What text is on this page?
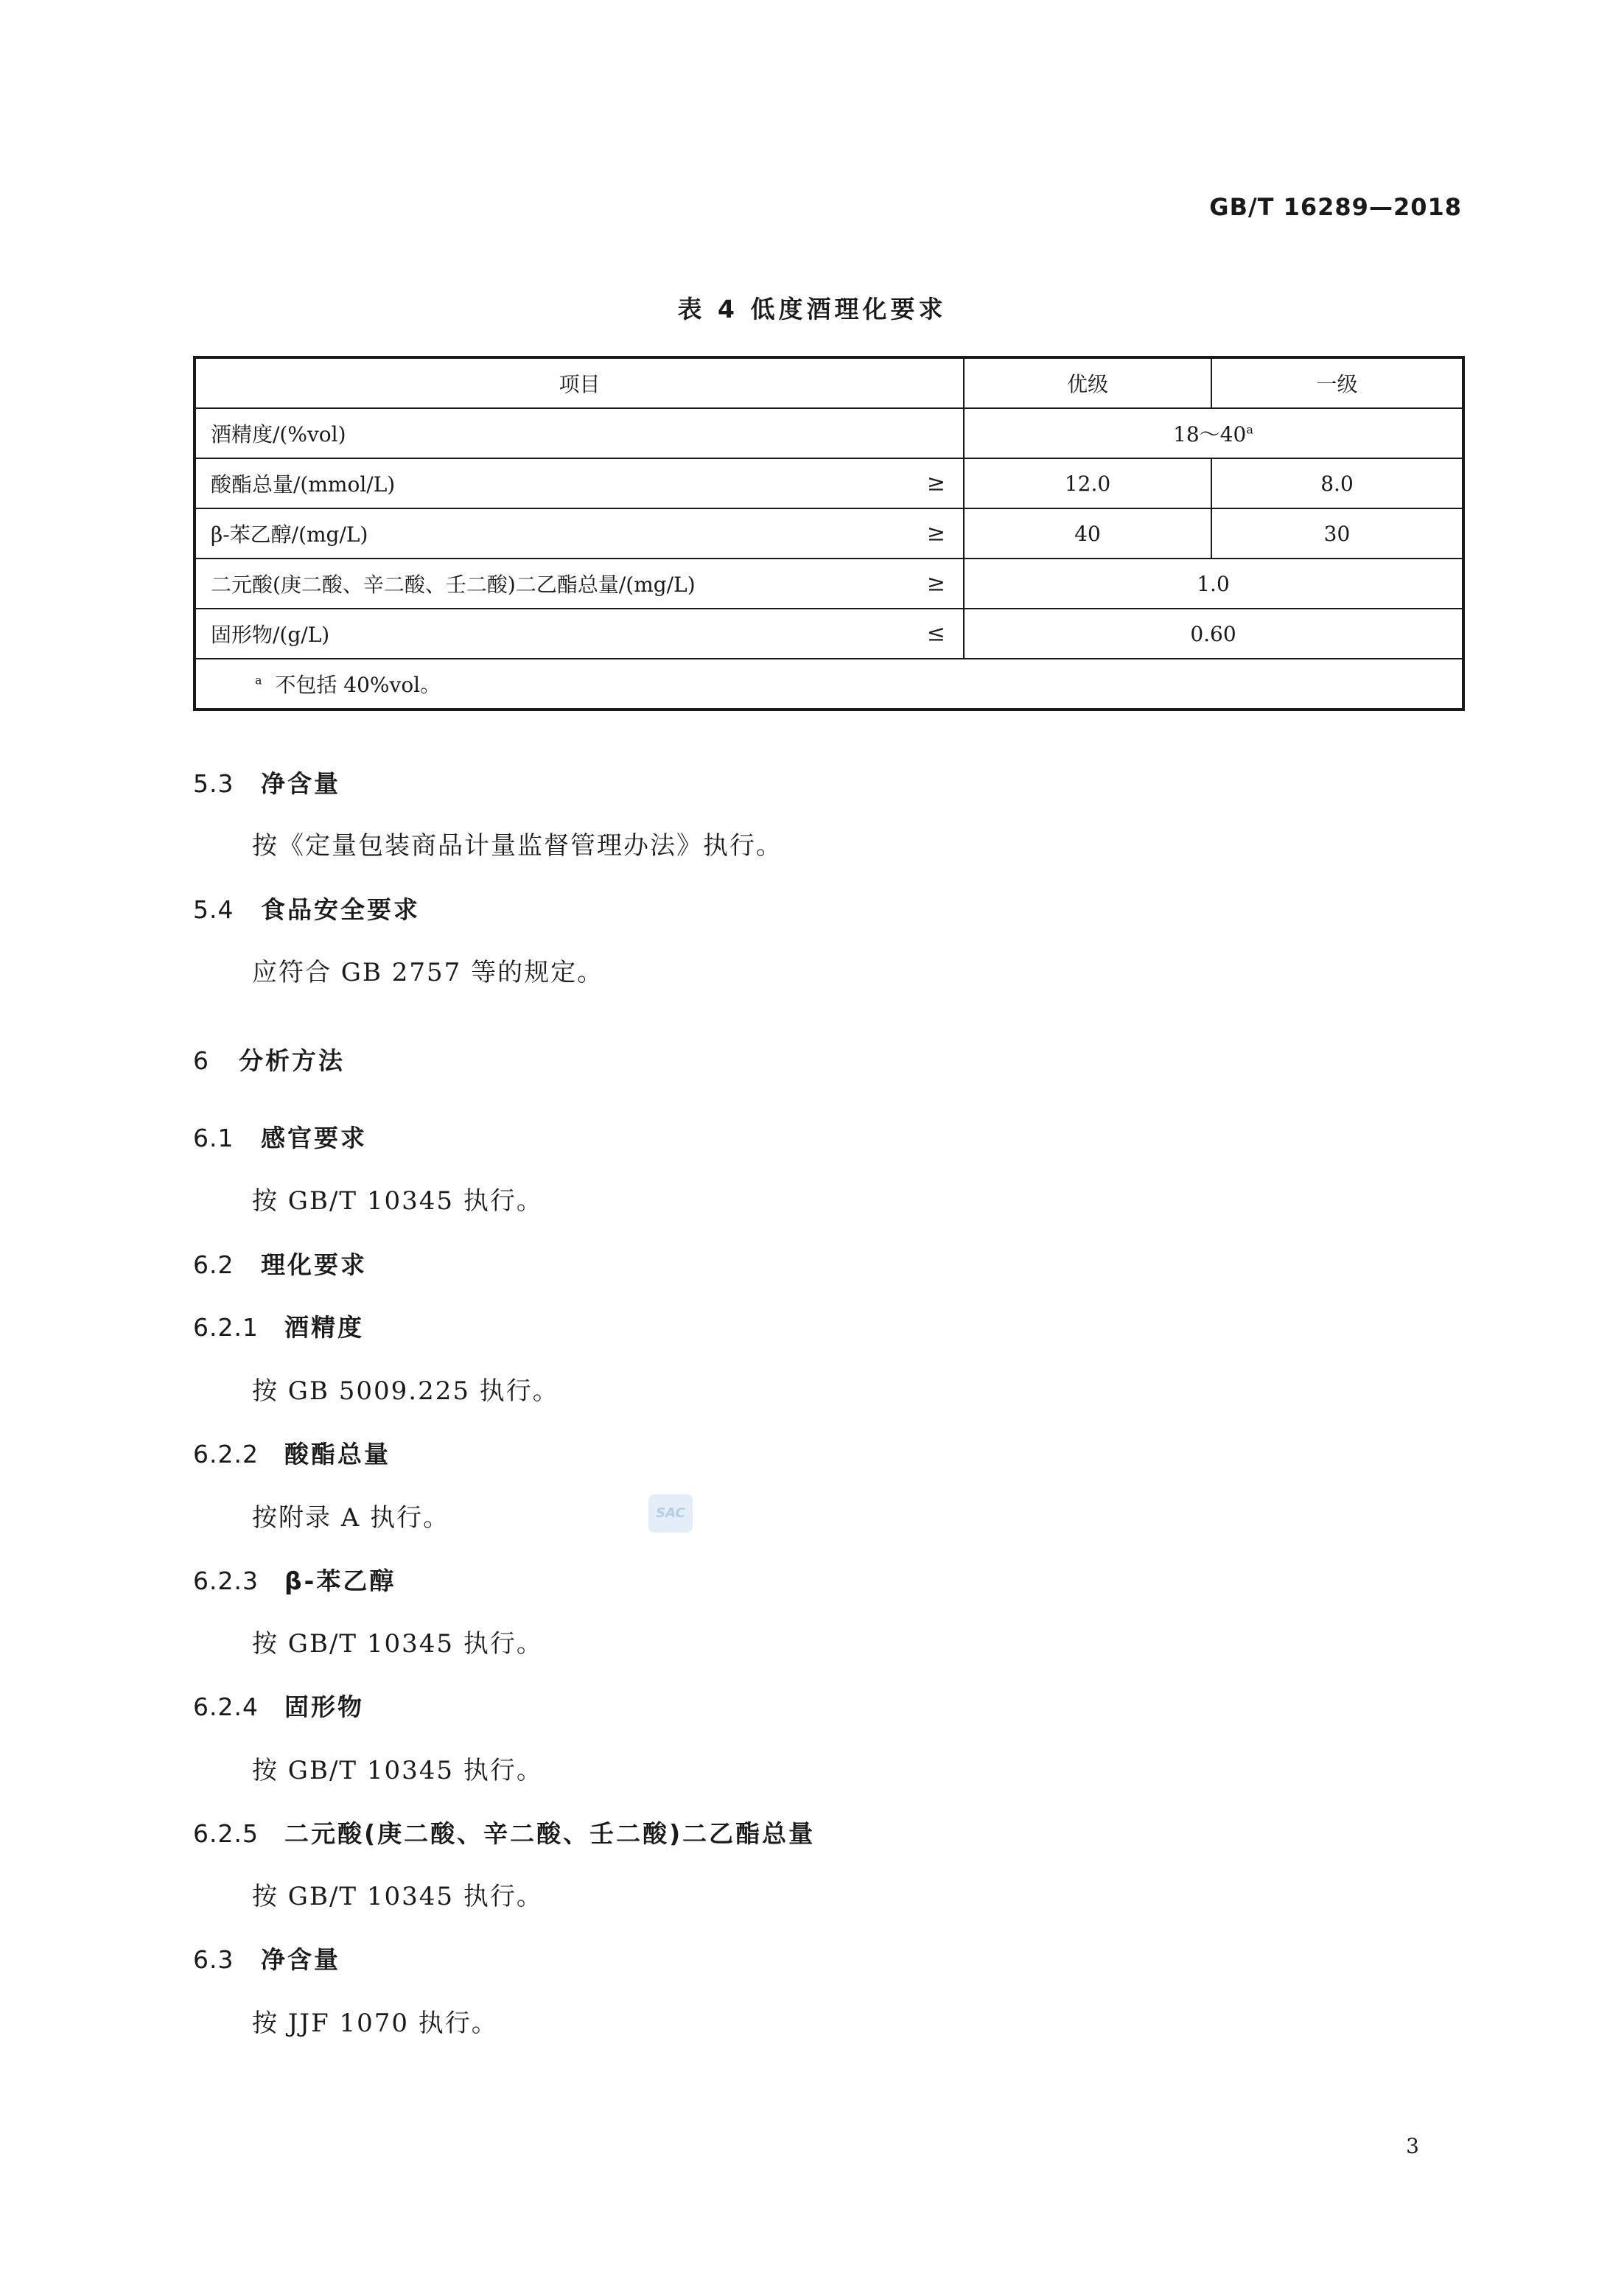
GB/T 16289—2018
表 4 低度酒理化要求
项目	优级	一级
酒精度/(%vol)	18～40$^a$
酸酯总量/(mmol/L) ≥	12.0	8.0
β-苯乙醇/(mg/L) ≥	40	30
二元酸(庚二酸、辛二酸、壬二酸)二乙酯总量/(mg/L) ≥	1.0	
固形物/(g/L) ≤	0.60	
$^a$ 不包括 40%vol。		
5.3 净含量
按《定量包装商品计量监督管理办法》执行。
5.4 食品安全要求
应符合 GB 2757 等的规定。
6 分析方法
6.1 感官要求
按 GB/T 10345 执行。
6.2 理化要求
6.2.1 酒精度
按 GB 5009.225 执行。
6.2.2 酸酯总量
按附录 A 执行。	SAC
6.2.3 β-苯乙醇
按 GB/T 10345 执行。
6.2.4 固形物
按 GB/T 10345 执行。
6.2.5 二元酸(庚二酸、辛二酸、壬二酸)二乙酯总量
按 GB/T 10345 执行。
6.3 净含量
按 JJF 1070 执行。
3
